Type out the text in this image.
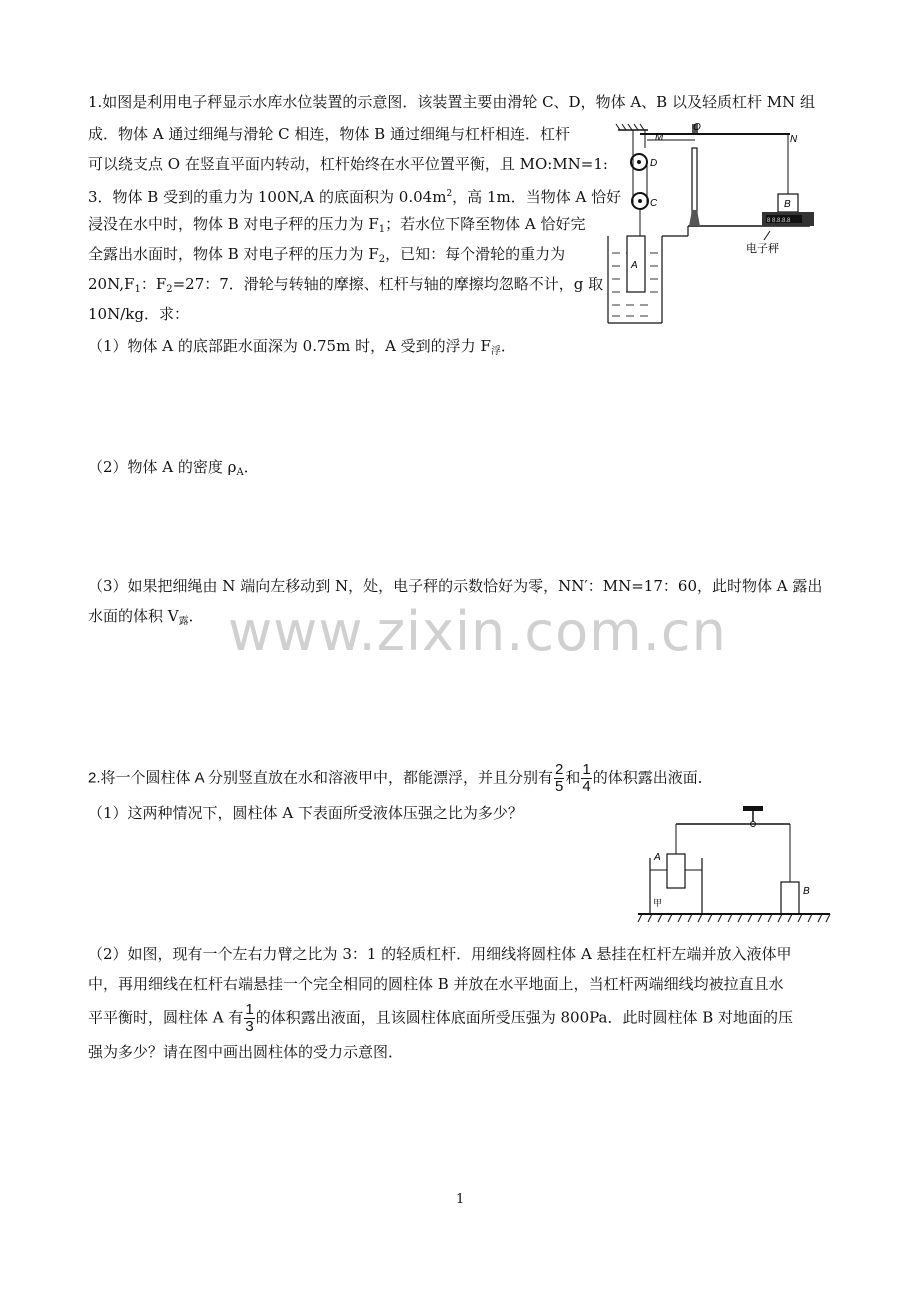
1.如图是利用电子秤显示水库水位装置的示意图．该装置主要由滑轮 C、D，物体 A、B 以及轻质杠杆 MN 组
成．物体 A 通过细绳与滑轮 C 相连，物体 B 通过细绳与杠杆相连．杠杆
可以绕支点 O 在竖直平面内转动，杠杆始终在水平位置平衡，且 MO:MN=1:
3．物体 B 受到的重力为 100N,A 的底面积为 $0.04m^2$，高 1m．当物体 A 恰好
浸没在水中时，物体 B 对电子秤的压力为 $F_1$；若水位下降至物体 A 恰好完
全露出水面时，物体 B 对电子秤的压力为 $F_2$，已知：每个滑轮的重力为
$20N,F_1$：$F_2=27$：7．滑轮与转轴的摩擦、杠杆与轴的摩擦均忽略不计，g 取
10N/kg．求：
（1）物体 A 的底部距水面深为 0.75m 时，A 受到的浮力 $F_浮$．
（2）物体 A 的密度 $\rho_A$．
（3）如果把细绳由 N 端向左移动到 N，处，电子秤的示数恰好为零，NN′：MN=17：60，此时物体 A 露出
水面的体积 $V_露$．
M
O
N
D
C
A
B
8 8.8.8.8
电子秤
www.zixin.com.cn
2.将一个圆柱体 A 分别竖直放在水和溶液甲中，都能漂浮，并且分别有 $\frac{2}{5}$ 和 $\frac{1}{4}$ 的体积露出液面．
（1）这两种情况下，圆柱体 A 下表面所受液体压强之比为多少？
A
B
甲
（2）如图，现有一个左右力臂之比为 3：1 的轻质杠杆．用细线将圆柱体 A 悬挂在杠杆左端并放入液体甲
中，再用细线在杠杆右端悬挂一个完全相同的圆柱体 B 并放在水平地面上，当杠杆两端细线均被拉直且水
平平衡时，圆柱体 A 有 $\frac{1}{3}$ 的体积露出液面，且该圆柱体底面所受压强为 800Pa．此时圆柱体 B 对地面的压
强为多少？请在图中画出圆柱体的受力示意图．
1
